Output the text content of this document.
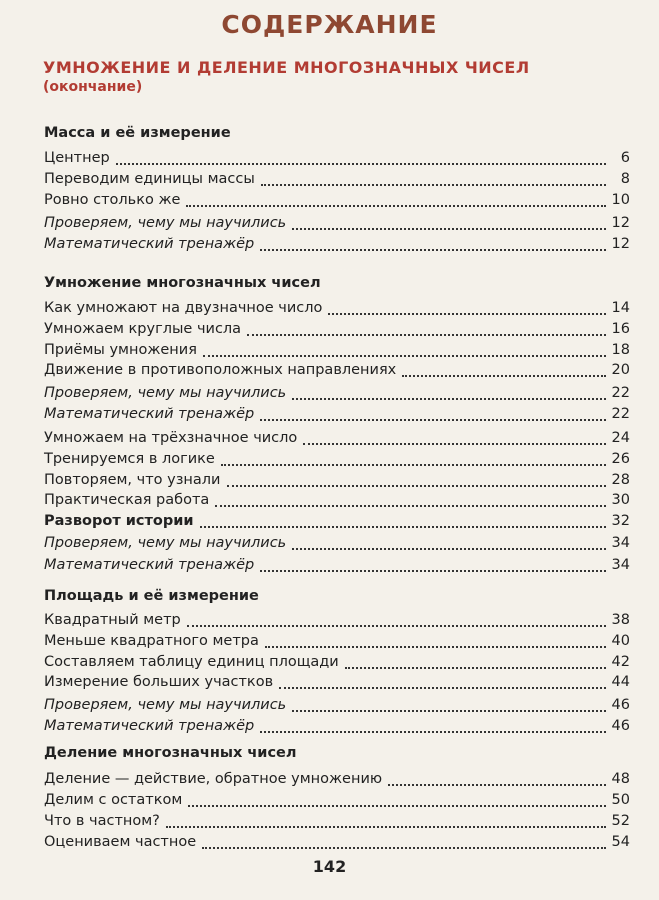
СОДЕРЖАНИЕ
УМНОЖЕНИЕ И ДЕЛЕНИЕ МНОГОЗНАЧНЫХ ЧИСЕЛ
(окончание)
Масса и её измерение
Центнер	6
Переводим единицы массы	8
Ровно столько же	10
Проверяем, чему мы научились	12
Математический тренажёр	12
Умножение многозначных чисел
Как умножают на двузначное число	14
Умножаем круглые числа	16
Приёмы умножения	18
Движение в противоположных направлениях	20
Проверяем, чему мы научились	22
Математический тренажёр	22
Умножаем на трёхзначное число	24
Тренируемся в логике	26
Повторяем, что узнали	28
Практическая работа	30
Разворот истории	32
Проверяем, чему мы научились	34
Математический тренажёр	34
Площадь и её измерение
Квадратный метр	38
Меньше квадратного метра	40
Составляем таблицу единиц площади	42
Измерение больших участков	44
Проверяем, чему мы научились	46
Математический тренажёр	46
Деление многозначных чисел
Деление — действие, обратное умножению	48
Делим с остатком	50
Что в частном?	52
Оцениваем частное	54
142
